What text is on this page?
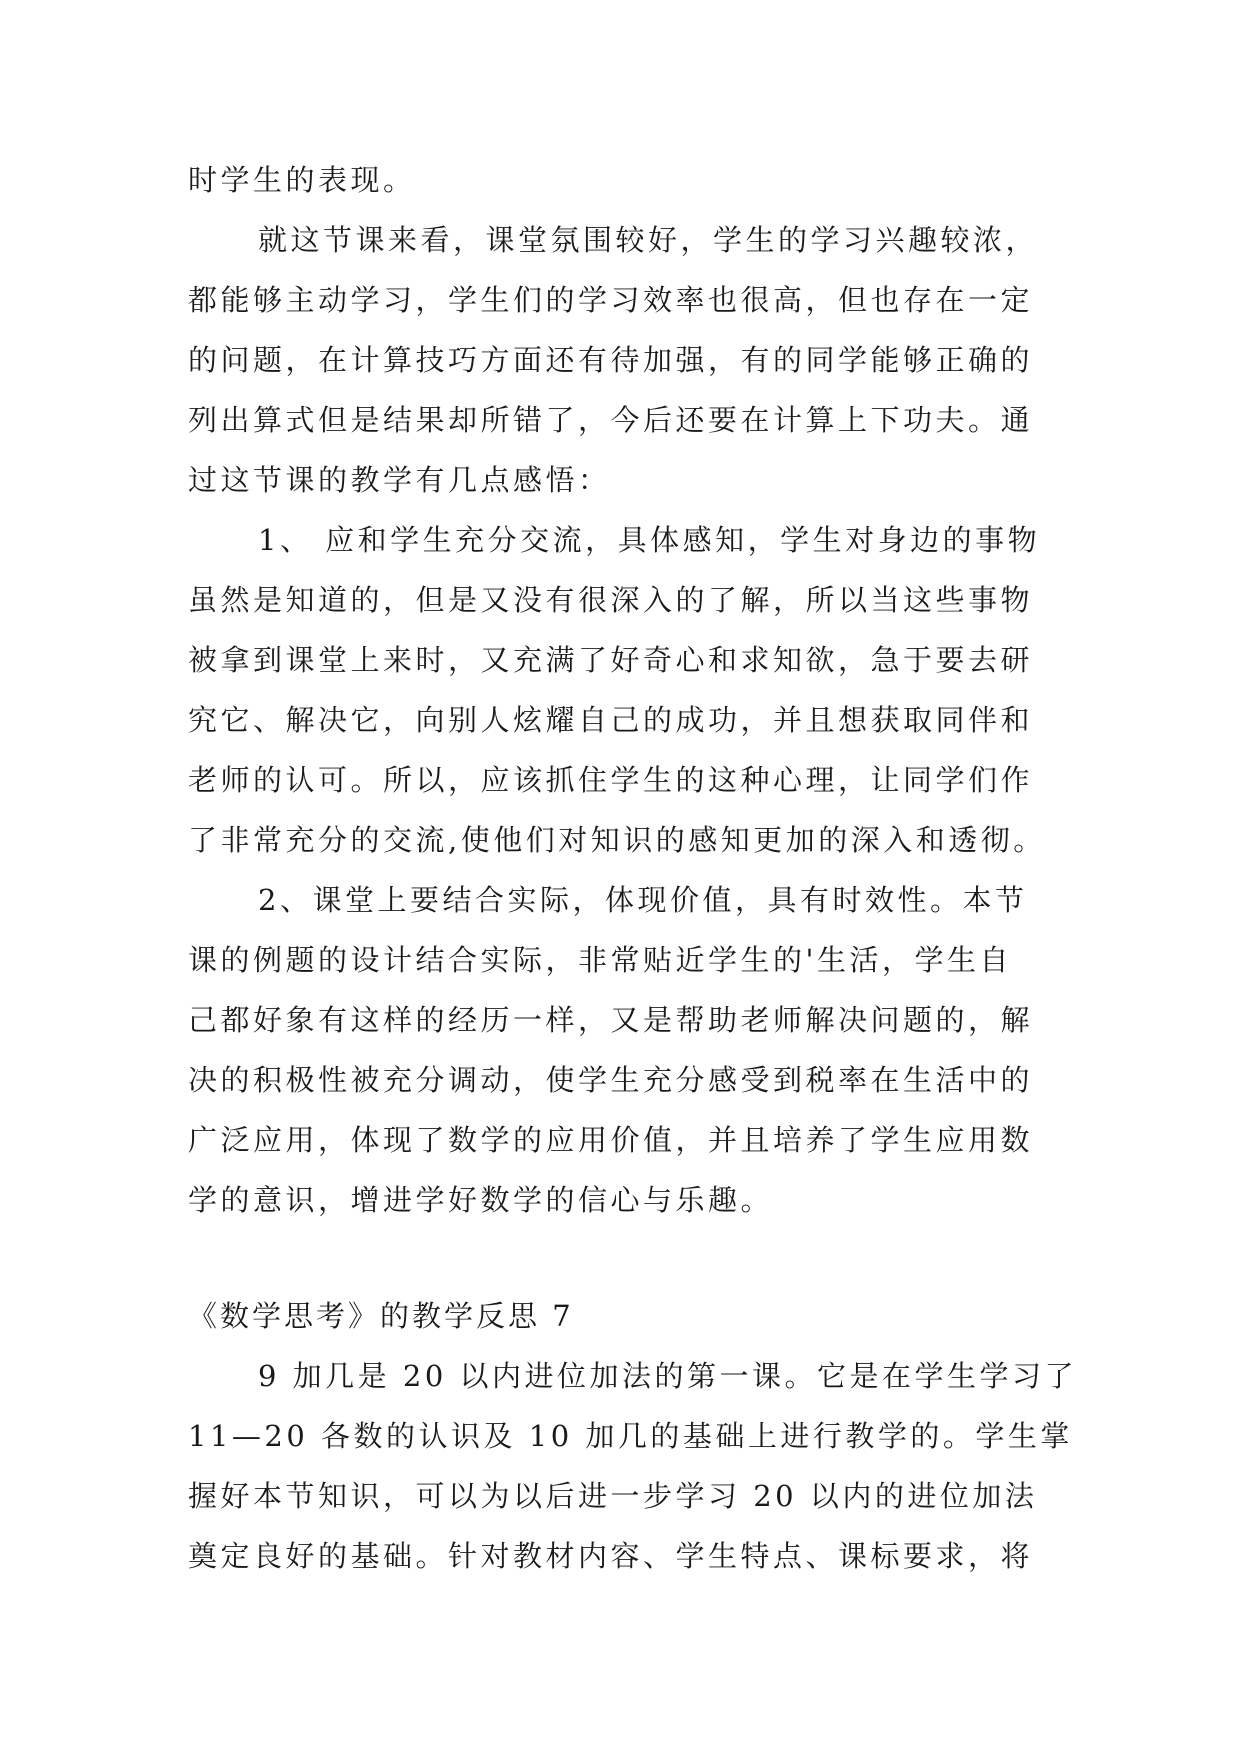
时学生的表现。
就这节课来看，课堂氛围较好，学生的学习兴趣较浓，
都能够主动学习，学生们的学习效率也很高，但也存在一定
的问题，在计算技巧方面还有待加强，有的同学能够正确的
列出算式但是结果却所错了，今后还要在计算上下功夫。通
过这节课的教学有几点感悟：
1、 应和学生充分交流，具体感知，学生对身边的事物
虽然是知道的，但是又没有很深入的了解，所以当这些事物
被拿到课堂上来时，又充满了好奇心和求知欲，急于要去研
究它、解决它，向别人炫耀自己的成功，并且想获取同伴和
老师的认可。所以，应该抓住学生的这种心理，让同学们作
了非常充分的交流,使他们对知识的感知更加的深入和透彻。
2、课堂上要结合实际，体现价值，具有时效性。本节
课的例题的设计结合实际，非常贴近学生的'生活，学生自
己都好象有这样的经历一样，又是帮助老师解决问题的，解
决的积极性被充分调动，使学生充分感受到税率在生活中的
广泛应用，体现了数学的应用价值，并且培养了学生应用数
学的意识，增进学好数学的信心与乐趣。
《数学思考》的教学反思 7
9 加几是 20 以内进位加法的第一课。它是在学生学习了
11—20 各数的认识及 10 加几的基础上进行教学的。学生掌
握好本节知识，可以为以后进一步学习 20 以内的进位加法
奠定良好的基础。针对教材内容、学生特点、课标要求，将
